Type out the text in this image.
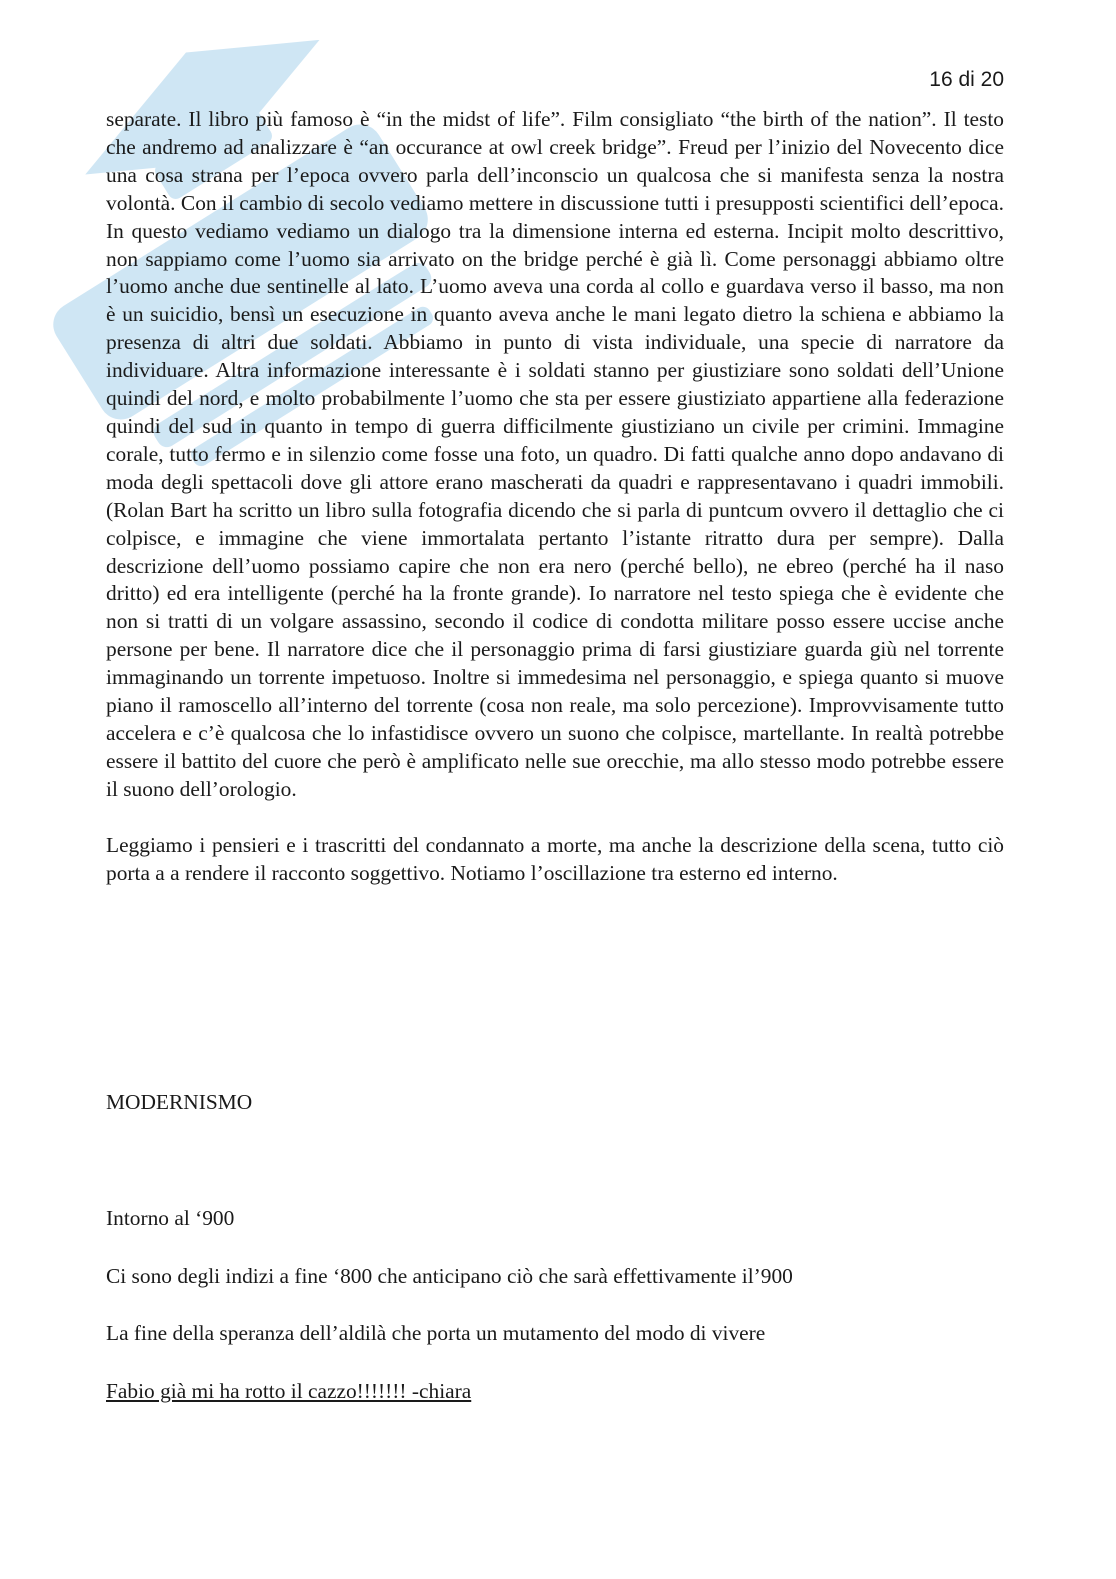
16 di 20

separate. Il libro più famoso è “in the midst of life”. Film consigliato “the birth of the nation”. Il testo che andremo ad analizzare è “an occurance at owl creek bridge”. Freud per l’inizio del Novecento dice una cosa strana per l’epoca ovvero parla dell’inconscio un qualcosa che si manifesta senza la nostra volontà. Con il cambio di secolo vediamo mettere in discussione tutti i presupposti scientifici dell’epoca. In questo vediamo vediamo un dialogo tra la dimensione interna ed esterna. Incipit molto descrittivo, non sappiamo come l’uomo sia arrivato on the bridge perché è già lì. Come personaggi abbiamo oltre l’uomo anche due sentinelle al lato. L’uomo aveva una corda al collo e guardava verso il basso, ma non è un suicidio, bensì un esecuzione in quanto aveva anche le mani legato dietro la schiena e abbiamo la presenza di altri due soldati. Abbiamo in punto di vista individuale, una specie di narratore da individuare. Altra informazione interessante è i soldati stanno per giustiziare sono soldati dell’Unione quindi del nord, e molto probabilmente l’uomo che sta per essere giustiziato appartiene alla federazione quindi del sud in quanto in tempo di guerra difficilmente giustiziano un civile per crimini. Immagine corale, tutto fermo e in silenzio come fosse una foto, un quadro. Di fatti qualche anno dopo andavano di moda degli spettacoli dove gli attore erano mascherati da quadri e rappresentavano i quadri immobili. (Rolan Bart ha scritto un libro sulla fotografia dicendo che si parla di puntcum ovvero il dettaglio che ci colpisce, e immagine che viene immortalata pertanto l’istante ritratto dura per sempre). Dalla descrizione dell’uomo possiamo capire che non era nero (perché bello), ne ebreo (perché ha il naso dritto) ed era intelligente (perché ha la fronte grande). Io narratore nel testo spiega che è evidente che non si tratti di un volgare assassino, secondo il codice di condotta militare posso essere uccise anche persone per bene. Il narratore dice che il personaggio prima di farsi giustiziare guarda giù nel torrente immaginando un torrente impetuoso. Inoltre si immedesima nel personaggio, e spiega quanto si muove piano il ramoscello all’interno del torrente (cosa non reale, ma solo percezione). Improvvisamente tutto accelera e c’è qualcosa che lo infastidisce ovvero un suono che colpisce, martellante. In realtà potrebbe essere il battito del cuore che però è amplificato nelle sue orecchie, ma allo stesso modo potrebbe essere il suono dell’orologio.

Leggiamo i pensieri e i trascritti del condannato a morte, ma anche la descrizione della scena, tutto ciò porta a a rendere il racconto soggettivo. Notiamo l’oscillazione tra esterno ed interno.

MODERNISMO

Intorno al ‘900

Ci sono degli indizi a fine ‘800 che anticipano ciò che sarà effettivamente il’900

La fine della speranza dell’aldilà che porta un mutamento del modo di vivere

Fabio già mi ha rotto il cazzo!!!!!!! -chiara
